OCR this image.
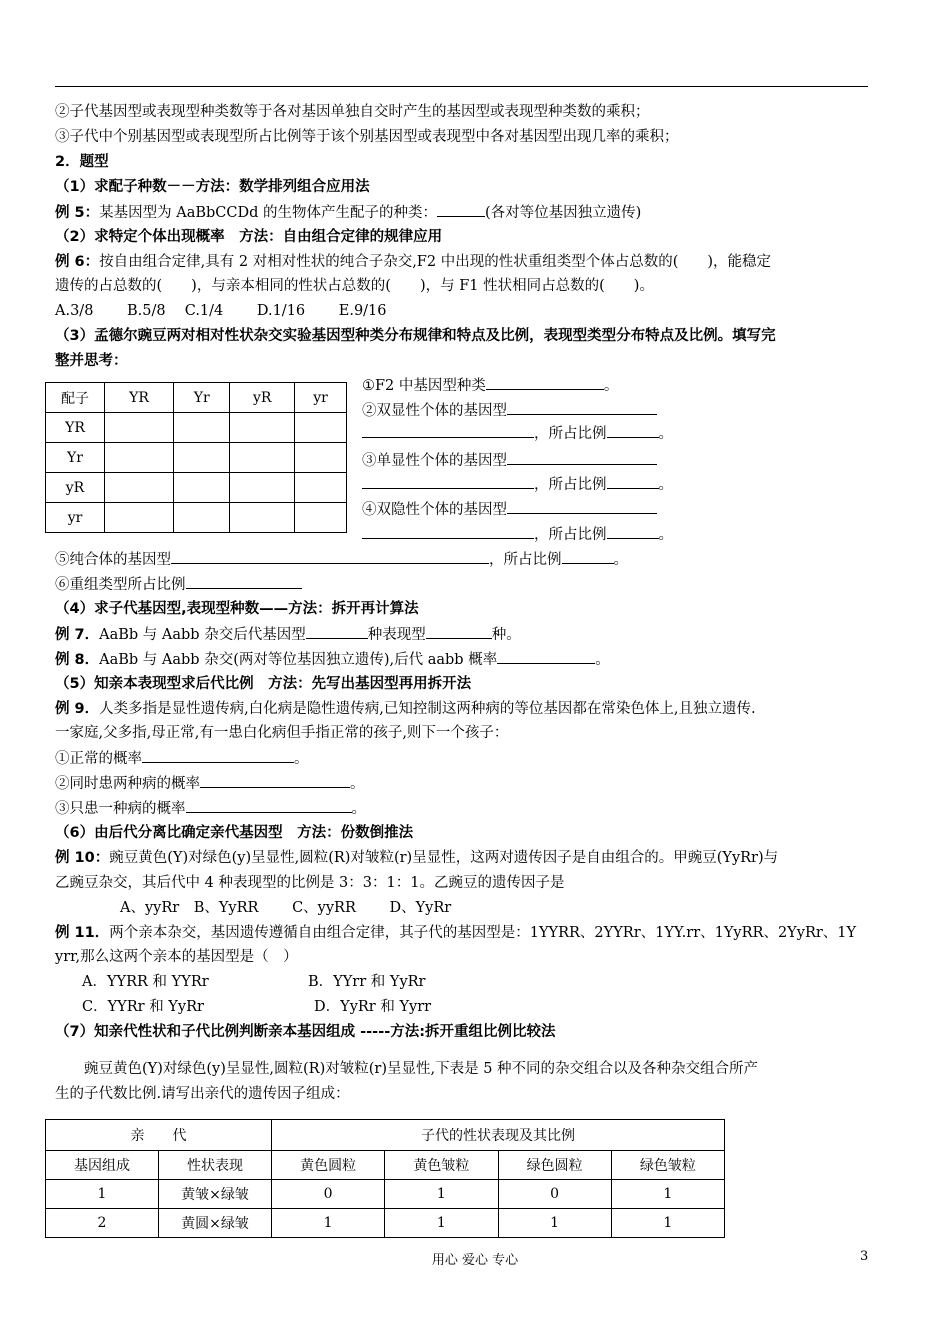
②子代基因型或表现型种类数等于各对基因单独自交时产生的基因型或表现型种类数的乘积；
③子代中个别基因型或表现型所占比例等于该个别基因型或表现型中各对基因型出现几率的乘积；
2．题型
（1）求配子种数－－方法：数学排列组合应用法
例 5：某基因型为 AaBbCCDd 的生物体产生配子的种类：	(各对等位基因独立遗传)
（2）求特定个体出现概率　方法：自由组合定律的规律应用
例 6：按自由组合定律,具有 2 对相对性状的纯合子杂交,F2 中出现的性状重组类型个体占总数的(　　)，能稳定
遗传的占总数的(　　)，与亲本相同的性状占总数的(　　)，与 F1 性状相同占总数的(　　)。
A.3/8　　 B.5/8　 C.1/4　　 D.1/16　　 E.9/16
（3）孟德尔豌豆两对相对性状杂交实验基因型种类分布规律和特点及比例，表现型类型分布特点及比例。填写完
整并思考：
配子	YR	Yr	yR	yr
YR				
Yr				
yR				
yr				
①F2 中基因型种类	。
②双显性个体的基因型
，所占比例	。
③单显性个体的基因型
，所占比例	。
④双隐性个体的基因型
，所占比例	。
⑤纯合体的基因型	，所占比例	。
⑥重组类型所占比例
（4）求子代基因型,表现型种数——方法：拆开再计算法
例 7．AaBb 与 Aabb 杂交后代基因型	种表现型	种。
例 8．AaBb 与 Aabb 杂交(两对等位基因独立遗传),后代 aabb 概率	。
（5）知亲本表现型求后代比例　方法：先写出基因型再用拆开法
例 9．人类多指是显性遗传病,白化病是隐性遗传病,已知控制这两种病的等位基因都在常染色体上,且独立遗传.
一家庭,父多指,母正常,有一患白化病但手指正常的孩子,则下一个孩子：
①正常的概率	。
②同时患两种病的概率	。
③只患一种病的概率	。
（6）由后代分离比确定亲代基因型　方法：份数倒推法
例 10：豌豆黄色(Y)对绿色(y)呈显性,圆粒(R)对皱粒(r)呈显性，这两对遗传因子是自由组合的。甲豌豆(YyRr)与
乙豌豆杂交，其后代中 4 种表现型的比例是 3：3：1：1。乙豌豆的遗传因子是
A、yyRr　B、YyRR　　 C、yyRR　　 D、YyRr
例 11．两个亲本杂交，基因遗传遵循自由组合定律，其子代的基因型是：1YYRR、2YYRr、1YY.rr、1YyRR、2YyRr、1Y
yrr,那么这两个亲本的基因型是（　）
A．YYRR 和 YYRr	B．YYrr 和 YyRr
C．YYRr 和 YyRr	D．YyRr 和 Yyrr
（7）知亲代性状和子代比例判断亲本基因组成 -----方法:拆开重组比例比较法
　　豌豆黄色(Y)对绿色(y)呈显性,圆粒(R)对皱粒(r)呈显性,下表是 5 种不同的杂交组合以及各种杂交组合所产
生的子代数比例.请写出亲代的遗传因子组成：
亲　　代		子代的性状表现及其比例			
基因组成	性状表现	黄色圆粒	黄色皱粒	绿色圆粒	绿色皱粒
1	黄皱×绿皱	0	1	0	1
2	黄圆×绿皱	1	1	1	1
用心 爱心 专心	3
